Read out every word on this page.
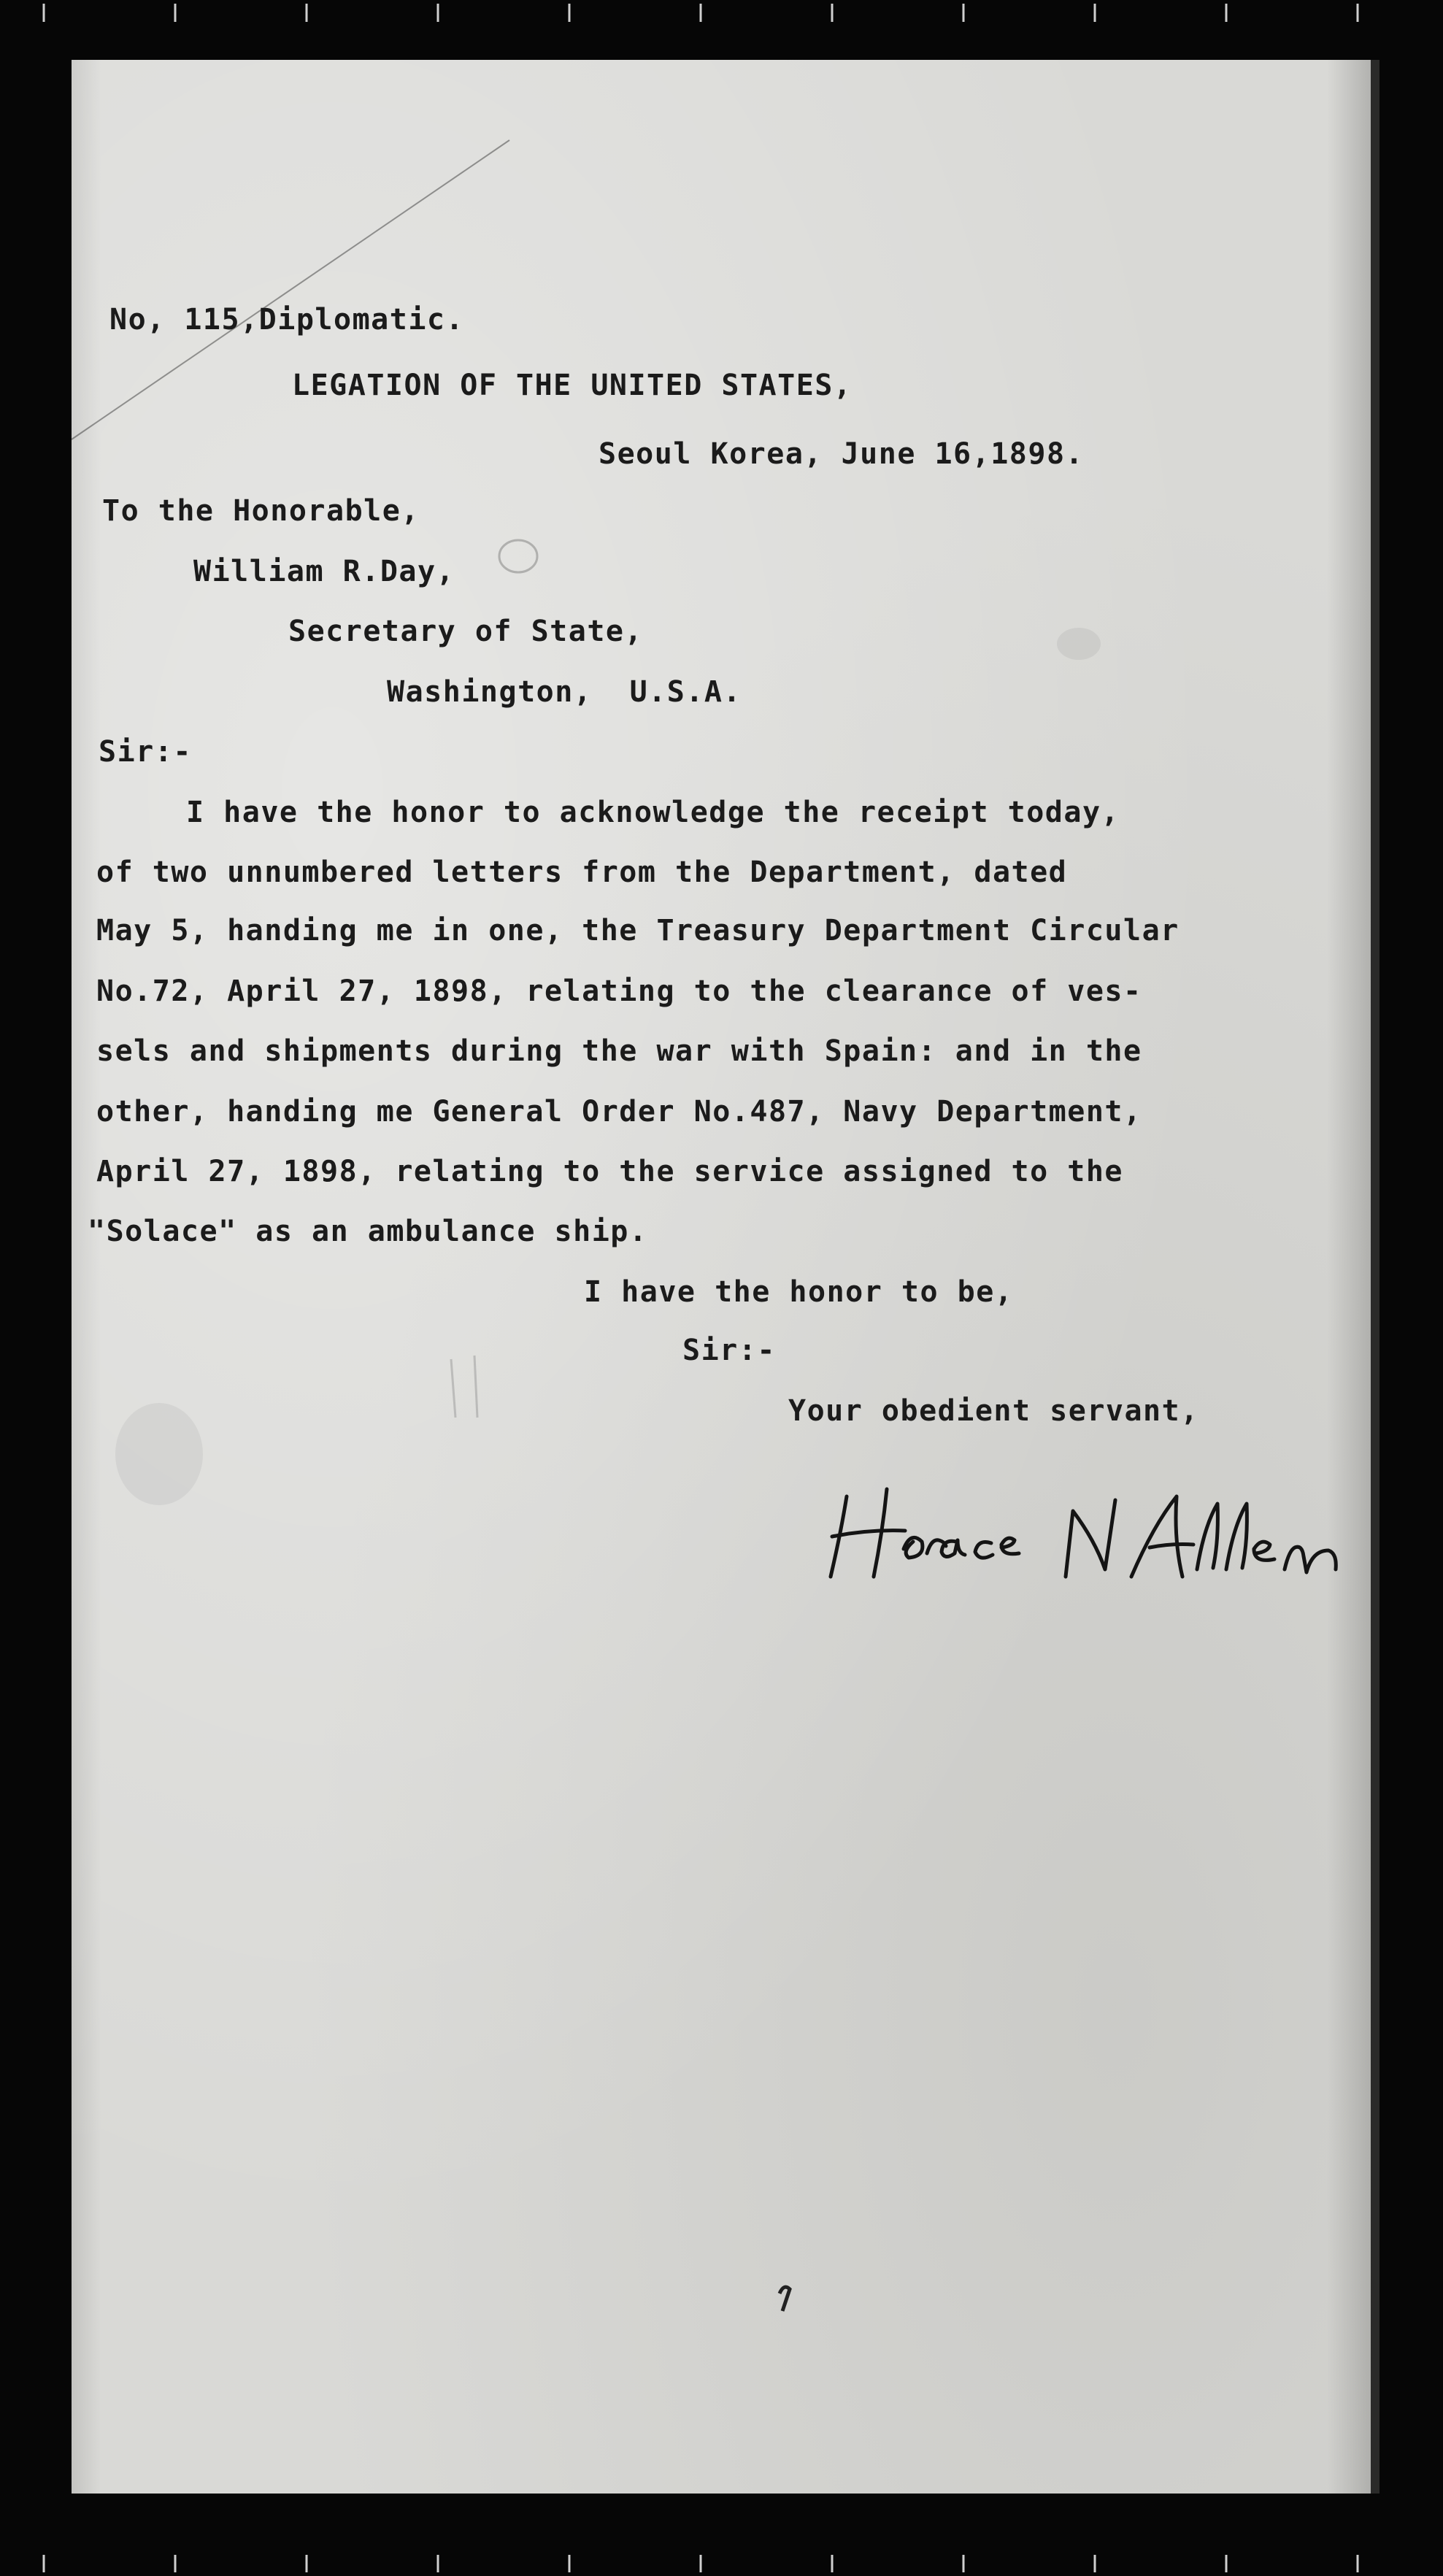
No, 115,Diplomatic.
LEGATION OF THE UNITED STATES,
Seoul Korea, June 16,1898.
To the Honorable,
William R.Day,
Secretary of State,
Washington,  U.S.A.
Sir:-
I have the honor to acknowledge the receipt today,
of two unnumbered letters from the Department, dated
May 5, handing me in one, the Treasury Department Circular
No.72, April 27, 1898, relating to the clearance of ves-
sels and shipments during the war with Spain: and in the
other, handing me General Order No.487, Navy Department,
April 27, 1898, relating to the service assigned to the
"Solace" as an ambulance ship.
I have the honor to be,
Sir:-
Your obedient servant,
